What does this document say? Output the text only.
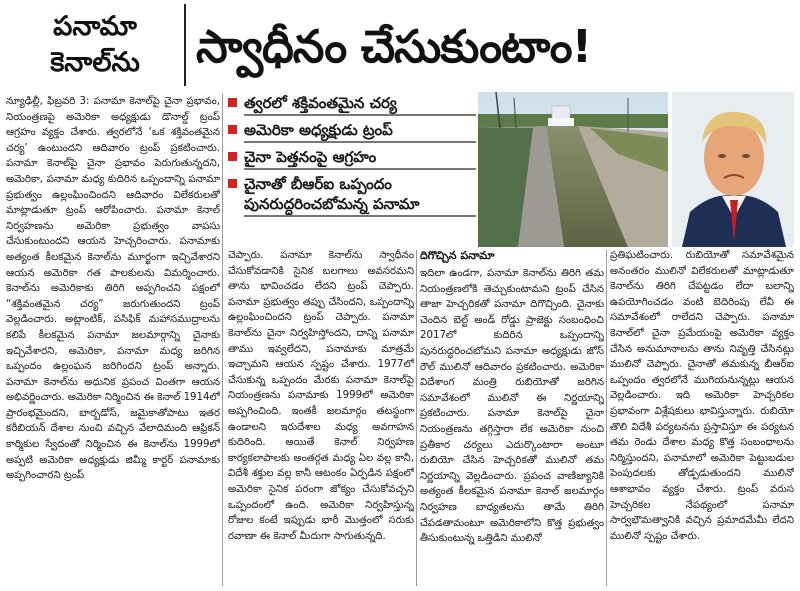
పనామా
కెనాల్‌ను స్వాధీనం చేసుకుంటాం!

న్యూఢిల్లీ, ఫిబ్రవరి 3: పనామా కెనాల్‌పై చైనా ప్రభావం, నియంత్రణపై అమెరికా అధ్యక్షుడు డొనాల్డ్‌ ట్రంప్‌ ఆగ్రహం వ్యక్తం చేశారు. త్వరలోనే ‘ఒక శక్తివంతమైన చర్య’ ఉంటుందని ఆదివారం ట్రంప్‌ ప్రకటించారు. పనామా కెనాల్‌పై చైనా ప్రభావం పెరుగుతున్నదని, అమెరికా, పనామా మధ్య కుదిరిన ఒప్పందాన్ని పనామా ప్రభుత్వం ఉల్లంఘించిందని ఆదివారం విలేకరులతో మాట్లాడుతూ ట్రంప్‌ ఆరోపించారు. పనామా కెనాల్‌ నిర్వహణను అమెరికా ప్రభుత్వం వాపసు చేసుకుంటుందని ఆయన హెచ్చరించారు. పనామాకు అత్యంత కీలకమైన కెనాల్‌ను మూర్ఖంగా ఇచ్చివేశారని ఆయన అమెరికా గత పాలకులను విమర్శించారు. కెనాల్‌ను అమెరికాకు తిరిగి అప్పగించని పక్షంలో “శక్తివంతమైన చర్య” జరుగుతుందని ట్రంప్‌ వెల్లడించారు. అట్లాంటిక్‌, పసిఫిక్‌ మహాసముద్రాలను కలిపే కీలకమైన పనామా జలమార్గాన్ని చైనాకు ఇచ్చివేశారని, అమెరికా, పనామా మధ్య జరిగిన ఒప్పందం ఉల్లంఘన జరిగిందని ట్రంప్‌ అన్నారు. పనామా కెనాల్‌ను అధునిక ప్రపంచ వింతగా ఆయన అభివర్ణించారు. అమెరికా నిర్మించిన ఈ కెనాల్‌ 1914లో ప్రారంభమైందని, బార్బడోస్‌, జమైకాతోపాటు ఇతర కరీబియన్‌ దేశాల నుంచి వచ్చిన వేలాదిమంది ఆఫ్రికన్‌ కార్మికుల స్వేదంతో నిర్మించిన ఈ కెనాల్‌ను 1999లో అప్పటి అమెరికా అధ్యక్షుడు జిమ్మీ కార్టర్‌ పనామాకు అప్పగించారని ట్రంప్‌

త్వరలో శక్తివంతమైన చర్య
అమెరికా అధ్యక్షుడు ట్రంప్‌
చైనా పెత్తనంపై ఆగ్రహం
చైనాతో బీఆర్‌ఐ ఒప్పందం
పునరుద్ధరించబోమన్న పనామా

చెప్పారు. పనామా కెనాల్‌ను స్వాధీనం చేసుకోవడానికి సైనిక బలగాలు అవసరమని తాను భావించడం లేదని ట్రంప్‌ చెప్పారు. పనామా ప్రభుత్వం తప్పు చేసిందని, ఒప్పందాన్ని ఉల్లంఘించిందని ట్రంప్‌ చెప్పారు. పనామా కెనాల్‌ను చైనా నిర్వహిస్తోందని, దాన్ని పనామా తాము ఇవ్వలేదని, పనామాకు మాత్రమే ఇచ్చామని ఆయన స్పష్టం చేశారు. 1977లో చేసుకున్న ఒప్పందం మేరకు పనామా కెనాల్‌పై నియంత్రణను పనామాకు 1999లో అమెరికా అప్పగించింది. ఇంతకీ జలమార్గం తటస్థంగా ఉండాలని ఇరుదేశాల మధ్య అవగాహన కుదిరింది. అయితే కెనాల్‌ నిర్వహణ కార్యకలాపాలకు అంతర్గత మధ్య ఏల వల్ల కానీ, విదేశీ శక్తుల వల్ల కానీ ఆటంకం ఏర్పడిన పక్షంలో అమెరికా సైనిక పరంగా జోక్యం చేసుకోవచ్చని ఒప్పందంలో ఉంది. అమెరికా నిర్వహిస్తున్న రోజుల కంటే ఇప్పుడు భారీ మొత్తంలో సరుకు రవాణా ఈ కెనాల్‌ మీదుగా సాగుతున్నది.

దిగొచ్చిన పనామా

ఇదిలా ఉండగా, పనామా కెనాల్‌ను తిరిగి తమ నియంత్రణలోకి తెచ్చుకుంటామని ట్రంప్‌ చేసిన తాజా హెచ్చరికతో పనామా దిగొచ్చింది. చైనాకు చెందిన బెల్ట్‌ అండ్‌ రోడ్డు ప్రాజెక్టు సంబంధించి 2017లో కుదిరిన ఒప్పందాన్ని పునరుద్ధరించబోమని పనామా అధ్యక్షుడు జోస్‌ రౌల్‌ ములినో ఆదివారం ప్రకటించారు. అమెరికా విదేశాంగ మంత్రి రుబియోతో జరిగిన సమావేశంలో ములినో ఈ నిర్ణయాన్ని ప్రకటించారు. పనామా కెనాల్‌పై చైనా నియంత్రణను తగ్గిస్తారా లేక అమెరికా నుంచి ప్రతీకార చర్యలు ఎదుర్కొంటారా అంటూ రుబియో చేసిన హెచ్చరికతో ములినో తమ నిర్ణయాన్ని వెల్లడించారు. ప్రపంచ వాణిజ్యానికి అత్యంత కీలకమైన పనామా కెనాల్‌ జలమార్గం నిర్వహణ బాధ్యతలను తామే తిరిగి చేపడతామంటూ అమెరికాలోని కొత్త ప్రభుత్వం తీసుకుంటున్న ఒత్తిడిని ములినో

ప్రతిఘటించారు. రుబియోతో సమావేశమైన అనంతరం ములినో విలేకరులతో మాట్లాడుతూ కెనాల్‌ను తిరిగి చేపట్టడం లేదా బలాన్ని ఉపయోగించడం వంటి బెదిరింపు లేవీ ఈ సమావేశంలో రాలేదని చెప్పారు. పనామా కెనాల్‌లో చైనా ప్రమేయంపై అమెరికా వ్యక్తం చేసిన అనుమానాలను తాను నివృత్తి చేసినట్లు ములినో చెప్పారు. చైనాతో తమకున్న బీఆర్‌ఐ ఒప్పందం త్వరలోనే ముగియనున్నట్లు ఆయన వెల్లడించారు. ఇది అమెరికా హెచ్చరికల ప్రభావంగా విశ్లేషకులు భావిస్తున్నారు. రుబియో తొలి విదేశీ పర్యటనను ప్రస్తావిస్తూ ఈ పర్యటన తమ రెండు దేశాల మధ్య కొత్త సంబంధాలను నిర్మిస్తుందని, పనామాలో అమెరికా పెట్టుబడుల పెంపుదలకు తోడ్పడుతుందని ములినో ఆశాభావం వ్యక్తం చేశారు. ట్రంప్‌ వరుస హెచ్చరికల నేపథ్యంలో పనామా సార్వభౌమత్వానికి వచ్చిన ప్రమాదమేమీ లేదని ములినో స్పష్టం చేశారు.
